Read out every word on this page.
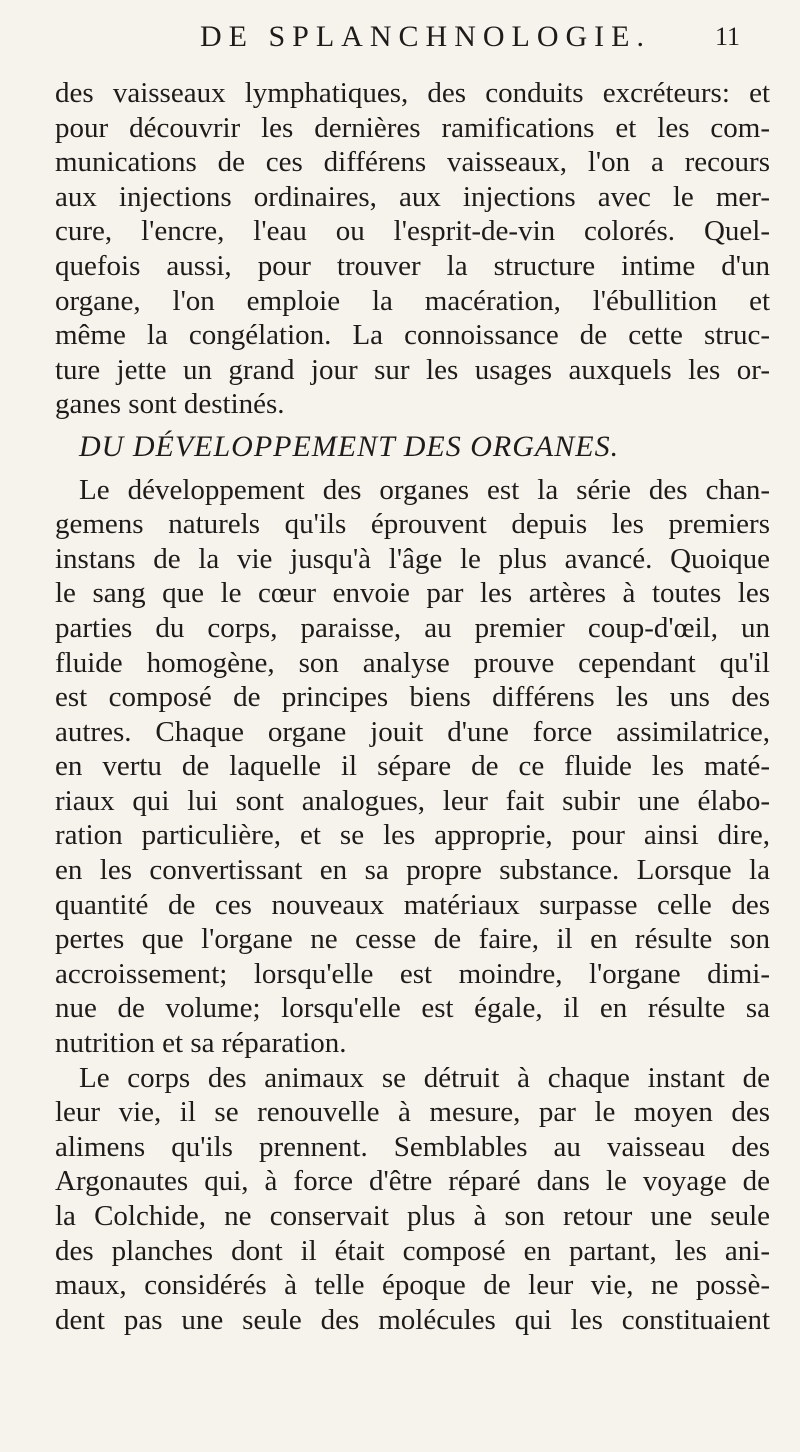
DE SPLANCHNOLOGIE. 11
des vaisseaux lymphatiques, des conduits excréteurs: et
pour découvrir les dernières ramifications et les com-
munications de ces différens vaisseaux, l'on a recours
aux injections ordinaires, aux injections avec le mer-
cure, l'encre, l'eau ou l'esprit-de-vin colorés. Quel-
quefois aussi, pour trouver la structure intime d'un
organe, l'on emploie la macération, l'ébullition et
même la congélation. La connoissance de cette struc-
ture jette un grand jour sur les usages auxquels les or-
ganes sont destinés.
DU DÉVELOPPEMENT DES ORGANES.
Le développement des organes est la série des chan-
gemens naturels qu'ils éprouvent depuis les premiers
instans de la vie jusqu'à l'âge le plus avancé. Quoique
le sang que le cœur envoie par les artères à toutes les
parties du corps, paraisse, au premier coup-d'œil, un
fluide homogène, son analyse prouve cependant qu'il
est composé de principes biens différens les uns des
autres. Chaque organe jouit d'une force assimilatrice,
en vertu de laquelle il sépare de ce fluide les maté-
riaux qui lui sont analogues, leur fait subir une élabo-
ration particulière, et se les approprie, pour ainsi dire,
en les convertissant en sa propre substance. Lorsque la
quantité de ces nouveaux matériaux surpasse celle des
pertes que l'organe ne cesse de faire, il en résulte son
accroissement; lorsqu'elle est moindre, l'organe dimi-
nue de volume; lorsqu'elle est égale, il en résulte sa
nutrition et sa réparation.
Le corps des animaux se détruit à chaque instant de
leur vie, il se renouvelle à mesure, par le moyen des
alimens qu'ils prennent. Semblables au vaisseau des
Argonautes qui, à force d'être réparé dans le voyage de
la Colchide, ne conservait plus à son retour une seule
des planches dont il était composé en partant, les ani-
maux, considérés à telle époque de leur vie, ne possè-
dent pas une seule des molécules qui les constituaient
